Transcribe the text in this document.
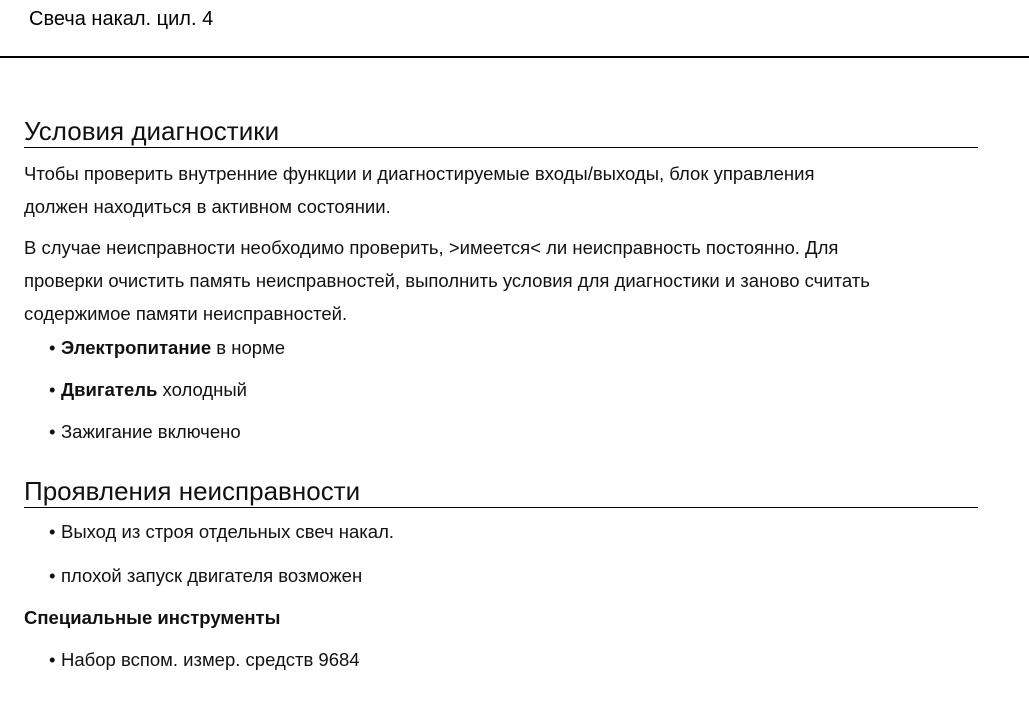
Свеча накал. цил. 4
Условия диагностики

Чтобы проверить внутренние функции и диагностируемые входы/выходы, блок управления
должен находиться в активном состоянии.

В случае неисправности необходимо проверить, >имеется< ли неисправность постоянно. Для
проверки очистить память неисправностей, выполнить условия для диагностики и заново считать
содержимое памяти неисправностей.

• Электропитание в норме
• Двигатель холодный
• Зажигание включено
Проявления неисправности
• Выход из строя отдельных свеч накал.
• плохой запуск двигателя возможен

Специальные инструменты

• Набор вспом. измер. средств 9684
